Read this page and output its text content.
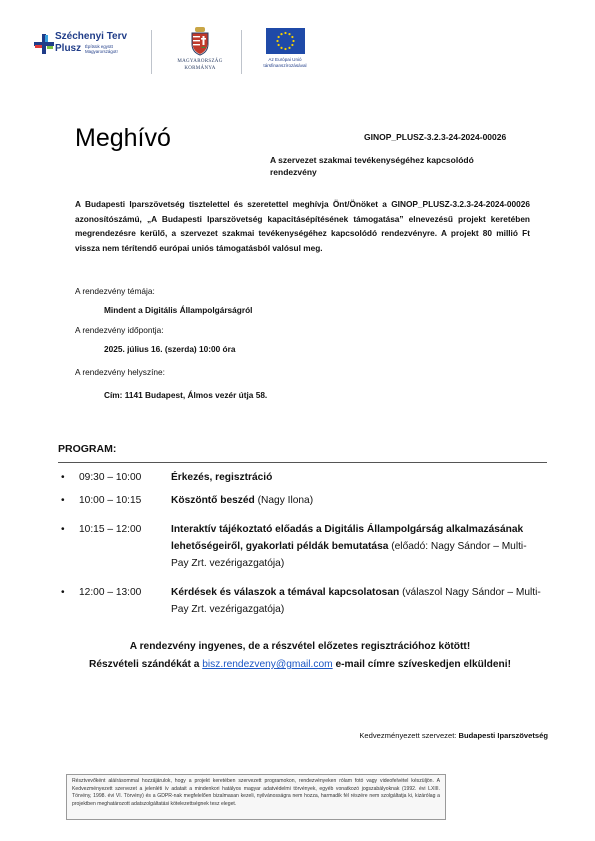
Széchenyi Terv
Plusz Építsük együtt Magyarországot!
MAGYARORSZÁG
KORMÁNYA
Az Európai Unió
társfinanszírozásával
Meghívó	GINOP_PLUSZ-3.2.3-24-2024-00026
A szervezet szakmai tevékenységéhez kapcsolódó rendezvény

A Budapesti Iparszövetség tisztelettel és szeretettel meghívja Önt/Önöket a GINOP_PLUSZ-3.2.3-24-2024-00026 azonosítószámú, „A Budapesti Iparszövetség kapacitásépítésének támogatása” elnevezésű projekt keretében megrendezésre kerülő, a szervezet szakmai tevékenységéhez kapcsolódó rendezvényre. A projekt 80 millió Ft vissza nem térítendő európai uniós támogatásból valósul meg.

A rendezvény témája:
Mindent a Digitális Állampolgárságról
A rendezvény időpontja:
2025. július 16. (szerda) 10:00 óra
A rendezvény helyszíne:
Cím: 1141 Budapest, Álmos vezér útja 58.
PROGRAM:
•	09:30 – 10:00	Érkezés, regisztráció
•	10:00 – 10:15	Köszöntő beszéd (Nagy Ilona)
•	10:15 – 12:00	Interaktív tájékoztató előadás a Digitális Állampolgárság alkalmazásának lehetőségeiről, gyakorlati példák bemutatása (előadó: Nagy Sándor – Multi-Pay Zrt. vezérigazgatója)
•	12:00 – 13:00	Kérdések és válaszok a témával kapcsolatosan (válaszol Nagy Sándor – Multi-Pay Zrt. vezérigazgatója)
A rendezvény ingyenes, de a részvétel előzetes regisztrációhoz kötött!
Részvételi szándékát a bisz.rendezveny@gmail.com e-mail címre szíveskedjen elküldeni!
Kedvezményezett szervezet: Budapesti Iparszövetség
Résztvevőként aláírásommal hozzájárulok, hogy a projekt keretében szervezett programokon, rendezvényeken rólam fotó vagy videofelvétel készüljön. A Kedvezményezett szervezet a jelenléti ív adatait a mindenkori hatályos magyar adatvédelmi törvények, egyéb vonatkozó jogszabályoknak (1992. évi LXIII. Törvény, 1998. évi VI. Törvény) és a GDPR-nak megfelelően bizalmasan kezeli, nyilvánosságra nem hozza, harmadik fél részére nem szolgáltatja ki, kizárólag a projektben meghatározott adatszolgáltatási kötelezettségnek tesz eleget.
